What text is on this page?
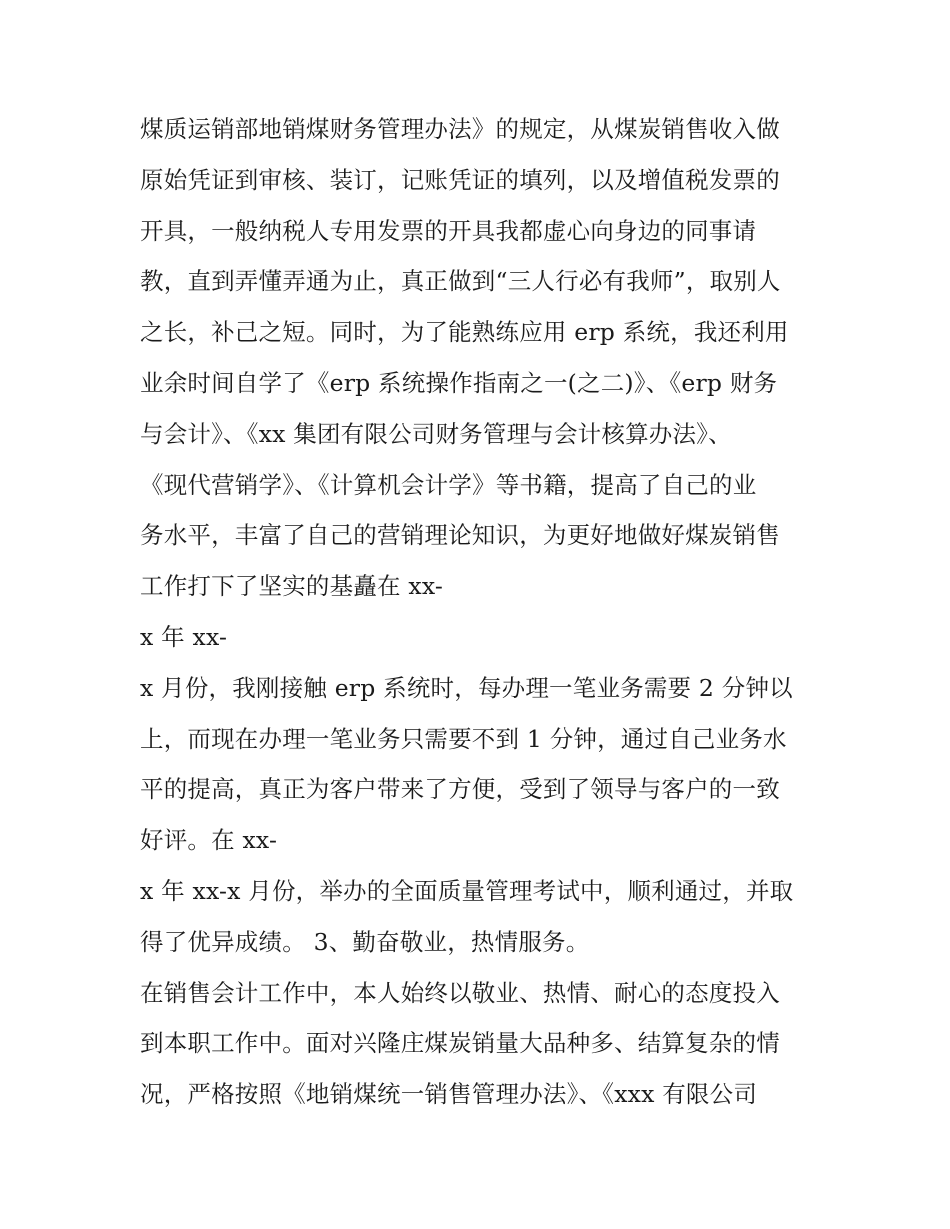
煤质运销部地销煤财务管理办法》的规定，从煤炭销售收入做
原始凭证到审核、装订，记账凭证的填列，以及增值税发票的
开具，一般纳税人专用发票的开具我都虚心向身边的同事请
教，直到弄懂弄通为止，真正做到“三人行必有我师”，取别人
之长，补己之短。同时，为了能熟练应用 erp 系统，我还利用
业余时间自学了《erp 系统操作指南之一(之二)》、《erp 财务
与会计》、《xx 集团有限公司财务管理与会计核算办法》、
《现代营销学》、《计算机会计学》等书籍，提高了自己的业
务水平，丰富了自己的营销理论知识，为更好地做好煤炭销售
工作打下了坚实的基矗在 xx-
x 年 xx-
x 月份，我刚接触 erp 系统时，每办理一笔业务需要 2 分钟以
上，而现在办理一笔业务只需要不到 1 分钟，通过自己业务水
平的提高，真正为客户带来了方便，受到了领导与客户的一致
好评。在 xx-
x 年 xx-x 月份，举办的全面质量管理考试中，顺利通过，并取
得了优异成绩。 3、勤奋敬业，热情服务。
在销售会计工作中，本人始终以敬业、热情、耐心的态度投入
到本职工作中。面对兴隆庄煤炭销量大品种多、结算复杂的情
况，严格按照《地销煤统一销售管理办法》、《xxx 有限公司
